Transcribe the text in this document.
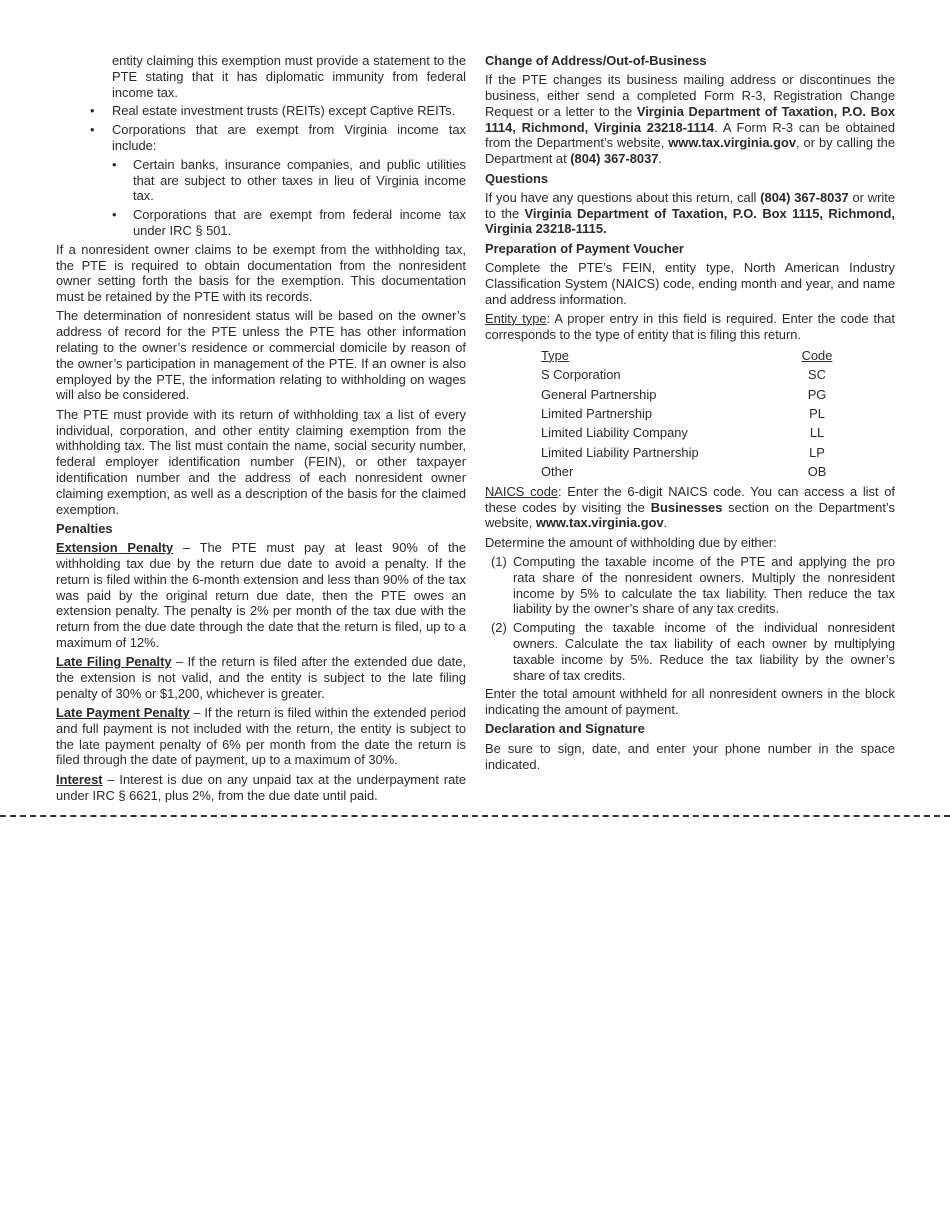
entity claiming this exemption must provide a statement to the PTE stating that it has diplomatic immunity from federal income tax.

• Real estate investment trusts (REITs) except Captive REITs.

• Corporations that are exempt from Virginia income tax include:

• Certain banks, insurance companies, and public utilities that are subject to other taxes in lieu of Virginia income tax.

• Corporations that are exempt from federal income tax under IRC § 501.

If a nonresident owner claims to be exempt from the withholding tax, the PTE is required to obtain documentation from the nonresident owner setting forth the basis for the exemption. This documentation must be retained by the PTE with its records.

The determination of nonresident status will be based on the owner’s address of record for the PTE unless the PTE has other information relating to the owner’s residence or commercial domicile by reason of the owner’s participation in management of the PTE. If an owner is also employed by the PTE, the information relating to withholding on wages will also be considered.

The PTE must provide with its return of withholding tax a list of every individual, corporation, and other entity claiming exemption from the withholding tax. The list must contain the name, social security number, federal employer identification number (FEIN), or other taxpayer identification number and the address of each nonresident owner claiming exemption, as well as a description of the basis for the claimed exemption.

Penalties

Extension Penalty – The PTE must pay at least 90% of the withholding tax due by the return due date to avoid a penalty. If the return is filed within the 6-month extension and less than 90% of the tax was paid by the original return due date, then the PTE owes an extension penalty. The penalty is 2% per month of the tax due with the return from the due date through the date that the return is filed, up to a maximum of 12%.

Late Filing Penalty – If the return is filed after the extended due date, the extension is not valid, and the entity is subject to the late filing penalty of 30% or $1,200, whichever is greater.

Late Payment Penalty – If the return is filed within the extended period and full payment is not included with the return, the entity is subject to the late payment penalty of 6% per month from the date the return is filed through the date of payment, up to a maximum of 30%.

Interest – Interest is due on any unpaid tax at the underpayment rate under IRC § 6621, plus 2%, from the due date until paid.

Change of Address/Out-of-Business

If the PTE changes its business mailing address or discontinues the business, either send a completed Form R-3, Registration Change Request or a letter to the Virginia Department of Taxation, P.O. Box 1114, Richmond, Virginia 23218-1114. A Form R-3 can be obtained from the Department’s website, www.tax.virginia.gov, or by calling the Department at (804) 367-8037.

Questions

If you have any questions about this return, call (804) 367-8037 or write to the Virginia Department of Taxation, P.O. Box 1115, Richmond, Virginia 23218-1115.

Preparation of Payment Voucher

Complete the PTE’s FEIN, entity type, North American Industry Classification System (NAICS) code, ending month and year, and name and address information.

Entity type: A proper entry in this field is required. Enter the code that corresponds to the type of entity that is filing this return.

Type	Code
S Corporation	SC
General Partnership	PG
Limited Partnership	PL
Limited Liability Company	LL
Limited Liability Partnership	LP
Other	OB

NAICS code: Enter the 6-digit NAICS code. You can access a list of these codes by visiting the Businesses section on the Department’s website, www.tax.virginia.gov.

Determine the amount of withholding due by either:

(1) Computing the taxable income of the PTE and applying the pro rata share of the nonresident owners. Multiply the nonresident income by 5% to calculate the tax liability. Then reduce the tax liability by the owner’s share of any tax credits.

(2) Computing the taxable income of the individual nonresident owners. Calculate the tax liability of each owner by multiplying taxable income by 5%. Reduce the tax liability by the owner’s share of tax credits.

Enter the total amount withheld for all nonresident owners in the block indicating the amount of payment.

Declaration and Signature

Be sure to sign, date, and enter your phone number in the space indicated.
